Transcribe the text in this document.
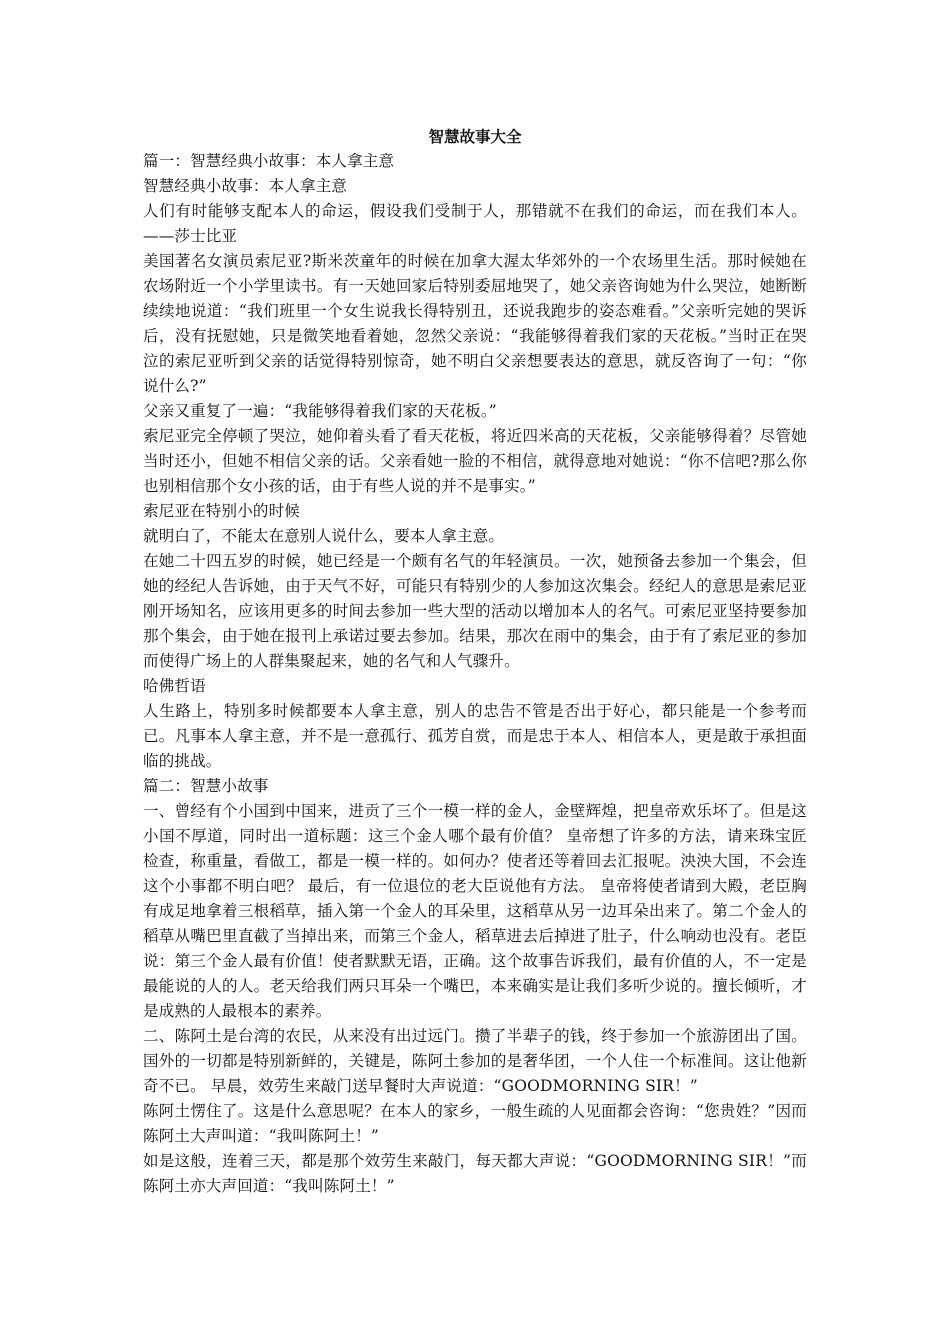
智慧故事大全

篇一：智慧经典小故事：本人拿主意

智慧经典小故事：本人拿主意

人们有时能够支配本人的命运，假设我们受制于人，那错就不在我们的命运，而在我们本人。——莎士比亚

美国著名女演员索尼亚?斯米茨童年的时候在加拿大渥太华郊外的一个农场里生活。那时候她在农场附近一个小学里读书。有一天她回家后特别委屈地哭了，她父亲咨询她为什么哭泣，她断断续续地说道：“我们班里一个女生说我长得特别丑，还说我跑步的姿态难看。”父亲听完她的哭诉后，没有抚慰她，只是微笑地看着她，忽然父亲说：“我能够得着我们家的天花板。”当时正在哭泣的索尼亚听到父亲的话觉得特别惊奇，她不明白父亲想要表达的意思，就反咨询了一句：“你说什么?”

父亲又重复了一遍：“我能够得着我们家的天花板。”

索尼亚完全停顿了哭泣，她仰着头看了看天花板，将近四米高的天花板，父亲能够得着？尽管她当时还小，但她不相信父亲的话。父亲看她一脸的不相信，就得意地对她说：“你不信吧?那么你也别相信那个女小孩的话，由于有些人说的并不是事实。”

索尼亚在特别小的时候

就明白了，不能太在意别人说什么，要本人拿主意。

在她二十四五岁的时候，她已经是一个颇有名气的年轻演员。一次，她预备去参加一个集会，但她的经纪人告诉她，由于天气不好，可能只有特别少的人参加这次集会。经纪人的意思是索尼亚刚开场知名，应该用更多的时间去参加一些大型的活动以增加本人的名气。可索尼亚坚持要参加那个集会，由于她在报刊上承诺过要去参加。结果，那次在雨中的集会，由于有了索尼亚的参加而使得广场上的人群集聚起来，她的名气和人气骤升。

哈佛哲语

人生路上，特别多时候都要本人拿主意，别人的忠告不管是否出于好心，都只能是一个参考而已。凡事本人拿主意，并不是一意孤行、孤芳自赏，而是忠于本人、相信本人，更是敢于承担面临的挑战。

篇二：智慧小故事

一、曾经有个小国到中国来，进贡了三个一模一样的金人，金壁辉煌，把皇帝欢乐坏了。但是这小国不厚道，同时出一道标题：这三个金人哪个最有价值？ 皇帝想了许多的方法，请来珠宝匠检查，称重量，看做工，都是一模一样的。如何办？使者还等着回去汇报呢。泱泱大国，不会连这个小事都不明白吧？ 最后，有一位退位的老大臣说他有方法。 皇帝将使者请到大殿，老臣胸有成足地拿着三根稻草，插入第一个金人的耳朵里，这稻草从另一边耳朵出来了。第二个金人的稻草从嘴巴里直截了当掉出来，而第三个金人，稻草进去后掉进了肚子，什么响动也没有。老臣说：第三个金人最有价值！使者默默无语，正确。这个故事告诉我们，最有价值的人，不一定是最能说的人的人。老天给我们两只耳朵一个嘴巴，本来确实是让我们多听少说的。擅长倾听，才是成熟的人最根本的素养。

二、陈阿土是台湾的农民，从来没有出过远门。攒了半辈子的钱，终于参加一个旅游团出了国。 国外的一切都是特别新鲜的，关键是，陈阿土参加的是奢华团，一个人住一个标准间。这让他新奇不已。 早晨，效劳生来敲门送早餐时大声说道：“GOODMORNING SIR！”

陈阿土愣住了。这是什么意思呢？在本人的家乡，一般生疏的人见面都会咨询：“您贵姓？”因而陈阿土大声叫道：“我叫陈阿土！”

如是这般，连着三天，都是那个效劳生来敲门，每天都大声说：“GOODMORNING SIR！”而陈阿土亦大声回道：“我叫陈阿土！”
